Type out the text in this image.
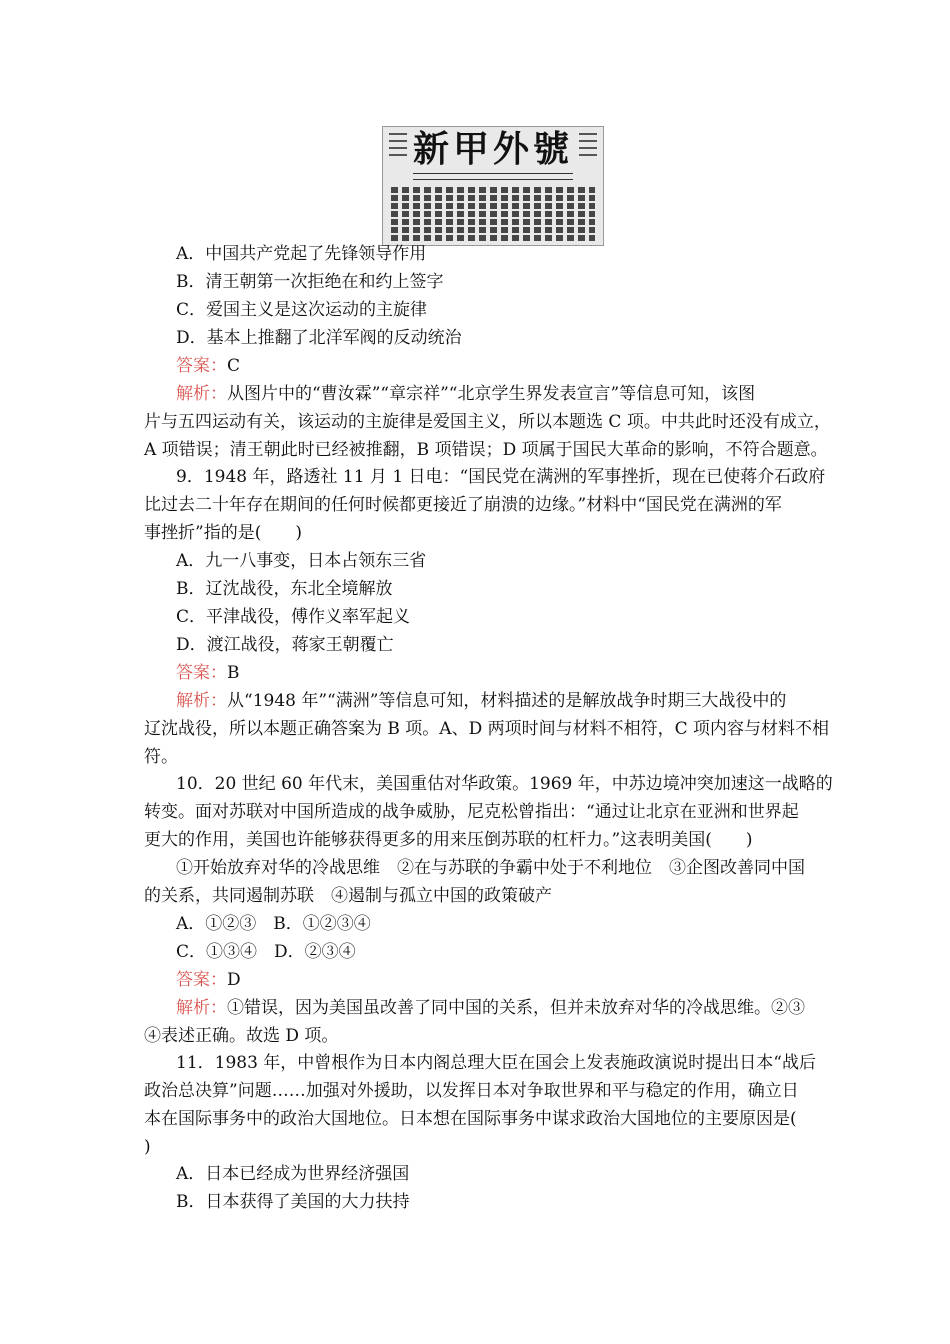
新甲外號
A．中国共产党起了先锋领导作用
B．清王朝第一次拒绝在和约上签字
C．爱国主义是这次运动的主旋律
D．基本上推翻了北洋军阀的反动统治
答案：C
解析：从图片中的“曹汝霖”“章宗祥”“北京学生界发表宣言”等信息可知，该图
片与五四运动有关，该运动的主旋律是爱国主义，所以本题选 C 项。中共此时还没有成立，
A 项错误；清王朝此时已经被推翻，B 项错误；D 项属于国民大革命的影响，不符合题意。
9．1948 年，路透社 11 月 1 日电：“国民党在满洲的军事挫折，现在已使蒋介石政府
比过去二十年存在期间的任何时候都更接近了崩溃的边缘。”材料中“国民党在满洲的军
事挫折”指的是(　　)
A．九一八事变，日本占领东三省
B．辽沈战役，东北全境解放
C．平津战役，傅作义率军起义
D．渡江战役，蒋家王朝覆亡
答案：B
解析：从“1948 年”“满洲”等信息可知，材料描述的是解放战争时期三大战役中的
辽沈战役，所以本题正确答案为 B 项。A、D 两项时间与材料不相符，C 项内容与材料不相
符。
10．20 世纪 60 年代末，美国重估对华政策。1969 年，中苏边境冲突加速这一战略的
转变。面对苏联对中国所造成的战争威胁，尼克松曾指出：“通过让北京在亚洲和世界起
更大的作用，美国也许能够获得更多的用来压倒苏联的杠杆力。”这表明美国(　　)
①开始放弃对华的冷战思维　②在与苏联的争霸中处于不利地位　③企图改善同中国
的关系，共同遏制苏联　④遏制与孤立中国的政策破产
A．①②③　B．①②③④
C．①③④　D．②③④
答案：D
解析：①错误，因为美国虽改善了同中国的关系，但并未放弃对华的冷战思维。②③
④表述正确。故选 D 项。
11．1983 年，中曾根作为日本内阁总理大臣在国会上发表施政演说时提出日本“战后
政治总决算”问题……加强对外援助，以发挥日本对争取世界和平与稳定的作用，确立日
本在国际事务中的政治大国地位。日本想在国际事务中谋求政治大国地位的主要原因是(
)
A．日本已经成为世界经济强国
B．日本获得了美国的大力扶持
